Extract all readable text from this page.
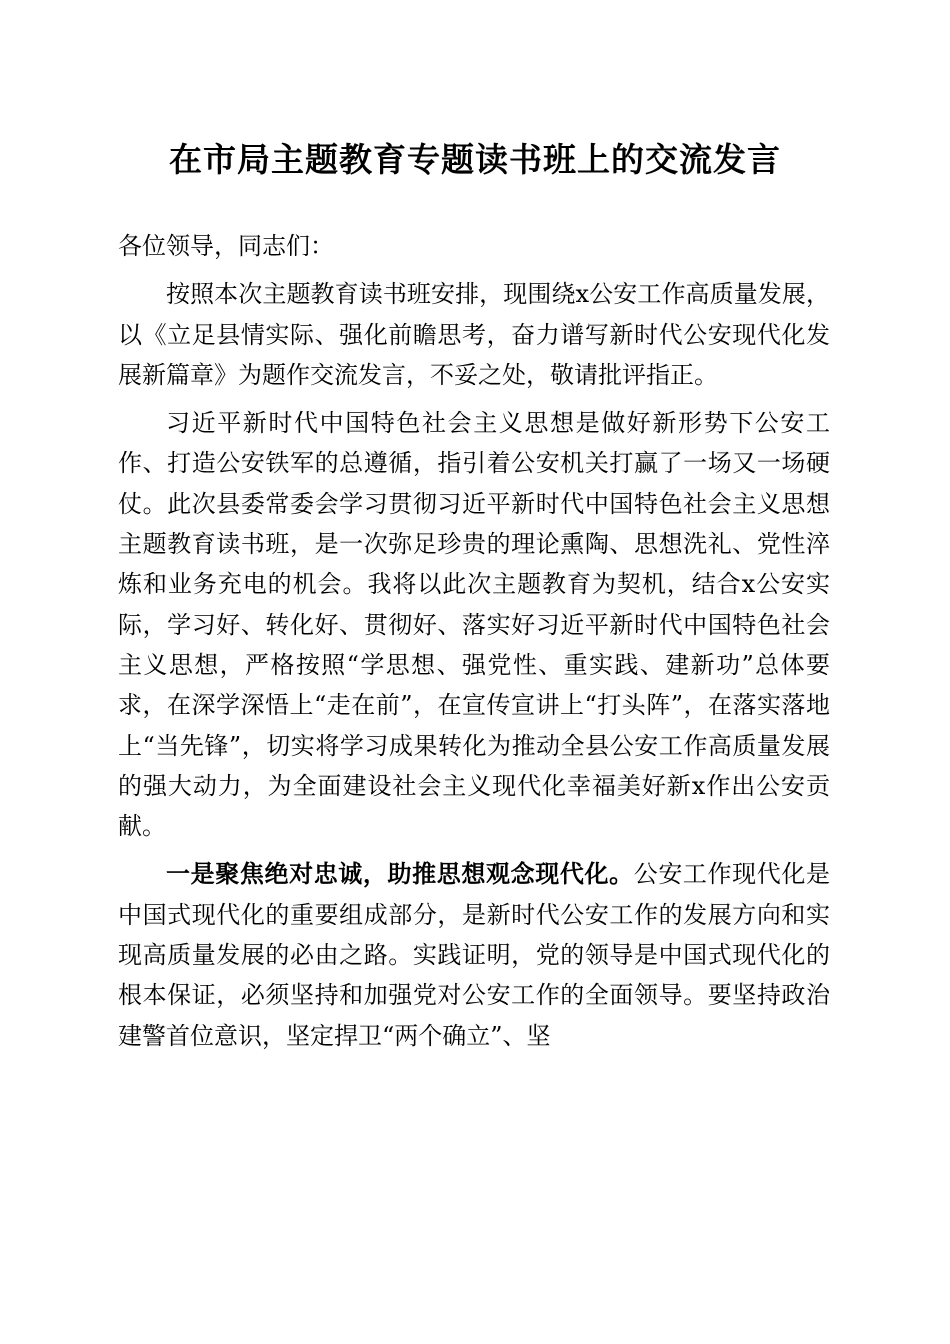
在市局主题教育专题读书班上的交流发言

各位领导，同志们：

按照本次主题教育读书班安排，现围绕x公安工作高质量发展，以《立足县情实际、强化前瞻思考，奋力谱写新时代公安现代化发展新篇章》为题作交流发言，不妥之处，敬请批评指正。

习近平新时代中国特色社会主义思想是做好新形势下公安工作、打造公安铁军的总遵循，指引着公安机关打赢了一场又一场硬仗。此次县委常委会学习贯彻习近平新时代中国特色社会主义思想主题教育读书班，是一次弥足珍贵的理论熏陶、思想洗礼、党性淬炼和业务充电的机会。我将以此次主题教育为契机，结合x公安实际，学习好、转化好、贯彻好、落实好习近平新时代中国特色社会主义思想，严格按照“学思想、强党性、重实践、建新功”总体要求，在深学深悟上“走在前”，在宣传宣讲上“打头阵”，在落实落地上“当先锋”，切实将学习成果转化为推动全县公安工作高质量发展的强大动力，为全面建设社会主义现代化幸福美好新x作出公安贡献。

一是聚焦绝对忠诚，助推思想观念现代化。公安工作现代化是中国式现代化的重要组成部分，是新时代公安工作的发展方向和实现高质量发展的必由之路。实践证明，党的领导是中国式现代化的根本保证，必须坚持和加强党对公安工作的全面领导。要坚持政治建警首位意识，坚定捍卫“两个确立”、坚
